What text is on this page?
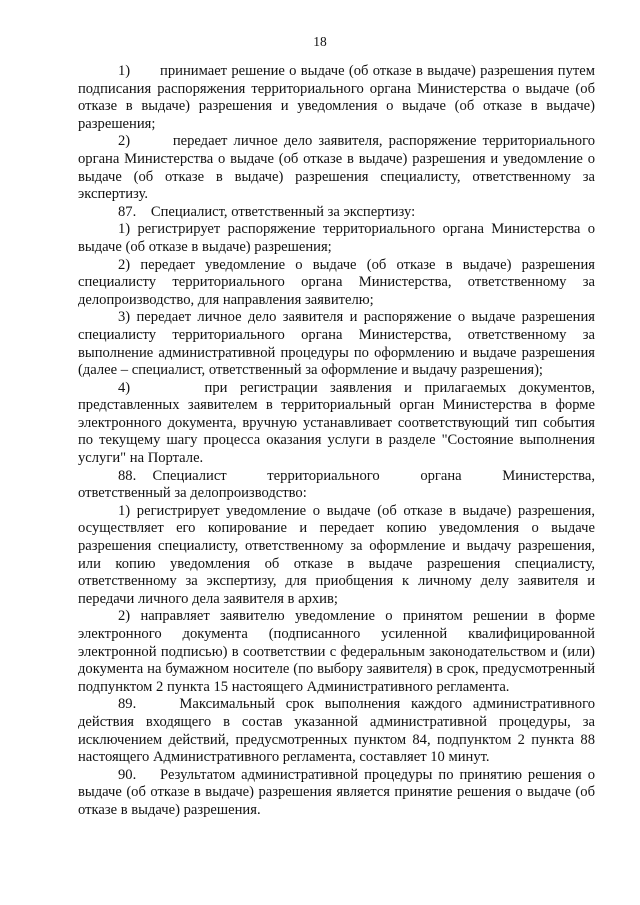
18

1)       принимает решение о выдаче (об отказе в выдаче) разрешения путем подписания распоряжения территориального органа Министерства о выдаче (об отказе в выдаче) разрешения и уведомления о выдаче (об отказе в выдаче) разрешения;

2)       передает личное дело заявителя, распоряжение территориального органа Министерства о выдаче (об отказе в выдаче) разрешения и уведомление о выдаче (об отказе в выдаче) разрешения специалисту, ответственному за экспертизу.

87.    Специалист, ответственный за экспертизу:

1) регистрирует распоряжение территориального органа Министерства о выдаче (об отказе в выдаче) разрешения;

2) передает уведомление о выдаче (об отказе в выдаче) разрешения специалисту территориального органа Министерства, ответственному за делопроизводство, для направления заявителю;

3) передает личное дело заявителя и распоряжение о выдаче разрешения специалисту территориального органа Министерства, ответственному за выполнение административной процедуры по оформлению и выдаче разрешения (далее – специалист, ответственный за оформление и выдачу разрешения);

4)      при регистрации заявления и прилагаемых документов, представленных заявителем в территориальный орган Министерства в форме электронного документа, вручную устанавливает соответствующий тип события по текущему шагу процесса оказания услуги в разделе "Состояние выполнения услуги" на Портале.

88.    Специалист          территориального          органа          Министерства, ответственный за делопроизводство:

1) регистрирует уведомление о выдаче (об отказе в выдаче) разрешения, осуществляет его копирование и передает копию уведомления о выдаче разрешения специалисту, ответственному за оформление и выдачу разрешения, или копию уведомления об отказе в выдаче разрешения специалисту, ответственному за экспертизу, для приобщения к личному делу заявителя и передачи личного дела заявителя в архив;

2) направляет заявителю уведомление о принятом решении в форме электронного документа (подписанного усиленной квалифицированной электронной подписью) в соответствии с федеральным законодательством и (или) документа на бумажном носителе (по выбору заявителя) в срок, предусмотренный подпунктом 2 пункта 15 настоящего Административного регламента.

89.    Максимальный срок выполнения каждого административного действия входящего в состав указанной административной процедуры, за исключением действий, предусмотренных пунктом 84, подпунктом 2 пункта 88 настоящего Административного регламента, составляет 10 минут.

90.    Результатом административной процедуры по принятию решения о выдаче (об отказе в выдаче) разрешения является принятие решения о выдаче (об отказе в выдаче) разрешения.
